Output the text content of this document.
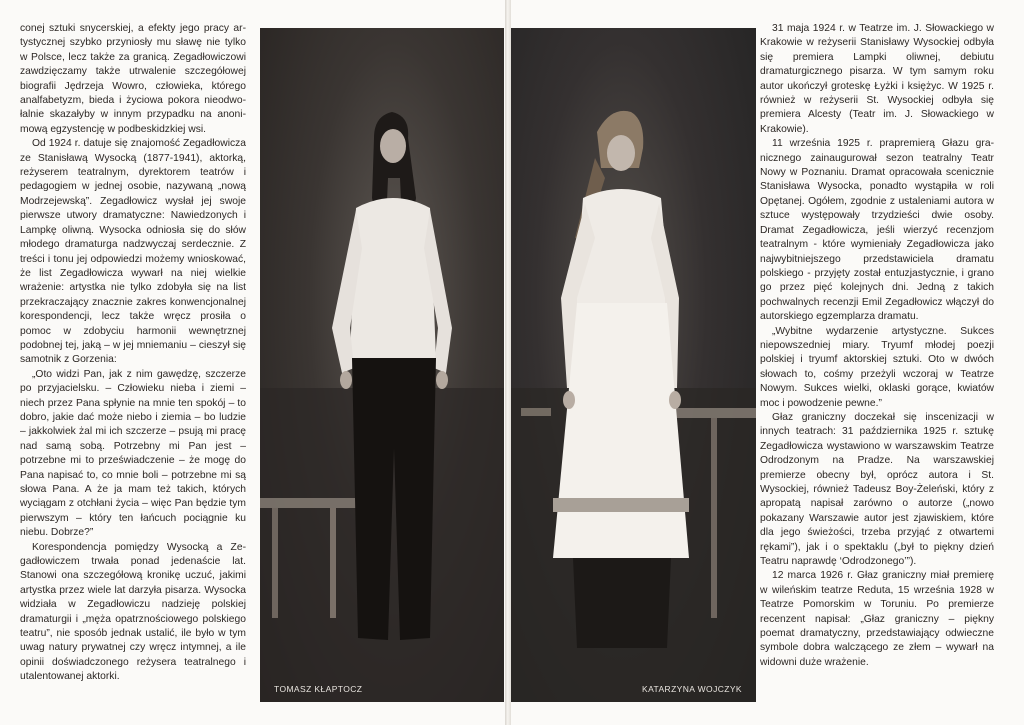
conej sztuki snycerskiej, a efekty jego pracy artystycznej szybko przyniosły mu sławę nie tylko w Polsce, lecz także za granicą. Zegadłowiczowi zawdzięczamy także utrwalenie szczegółowej biografii Jędrzeja Wowro, człowieka, którego analfabetyzm, bieda i życiowa pokora nieodwołalnie skazałyby w innym przypadku na anonimową egzystencję w podbeskidzkiej wsi.

Od 1924 r. datuje się znajomość Zegadłowicza ze Stanisławą Wysocką (1877-1941), aktorką, reżyserem teatralnym, dyrektorem teatrów i pedagogiem w jednej osobie, nazywaną „nową Modrzejewską”. Zegadłowicz wysłał jej swoje pierwsze utwory dramatyczne: Nawiedzonych i Lampkę oliwną. Wysocka odniosła się do słów młodego dramaturga nadzwyczaj serdecznie. Z treści i tonu jej odpowiedzi możemy wnioskować, że list Zegadłowicza wywarł na niej wielkie wrażenie: artystka nie tylko zdobyła się na list przekraczający znacznie zakres konwencjonalnej korespondencji, lecz także wręcz prosiła o pomoc w zdobyciu harmonii wewnętrznej podobnej tej, jaką – w jej mniemaniu – cieszył się samotnik z Gorzenia:

„Oto widzi Pan, jak z nim gawędzę, szczerze po przyjacielsku. – Człowieku nieba i ziemi – niech przez Pana spłynie na mnie ten spokój – to dobro, jakie dać może niebo i ziemia – bo ludzie – jakkolwiek żal mi ich szczerze – psują mi pracę nad samą sobą. Potrzebny mi Pan jest – potrzebne mi to przeświadczenie – że mogę do Pana napisać to, co mnie boli – potrzebne mi są słowa Pana. A że ja mam też takich, których wyciągam z otchłani życia – więc Pan będzie tym pierwszym – który ten łańcuch pociągnie ku niebu. Dobrze?”

Korespondencja pomiędzy Wysocką a Zegadłowiczem trwała ponad jedenaście lat. Stanowi ona szczegółową kronikę uczuć, jakimi artystka przez wiele lat darzyła pisarza. Wysocka widziała w Zegadłowiczu nadzieję polskiej dramaturgii i „męża opatrznościowego polskiego teatru”, nie sposób jednak ustalić, ile było w tym uwag natury prywatnej czy wręcz intymnej, a ile opinii doświadczonego reżysera teatralnego i utalentowanej aktorki.

TOMASZ KŁAPTOCZ	KATARZYNA WOJCZYK

31 maja 1924 r. w Teatrze im. J. Słowackiego w Krakowie w reżyserii Stanisławy Wysockiej odbyła się premiera Lampki oliwnej, debiutu dramaturgicznego pisarza. W tym samym roku autor ukończył groteskę Łyżki i księżyc. W 1925 r. również w reżyserii St. Wysockiej odbyła się premiera Alcesty (Teatr im. J. Słowackiego w Krakowie).

11 września 1925 r. prapremierą Głazu granicznego zainaugurował sezon teatralny Teatr Nowy w Poznaniu. Dramat opracowała scenicznie Stanisława Wysocka, ponadto wystąpiła w roli Opętanej. Ogółem, zgodnie z ustaleniami autora w sztuce występowały trzydzieści dwie osoby. Dramat Zegadłowicza, jeśli wierzyć recenzjom teatralnym - które wymieniały Zegadłowicza jako najwybitniejszego przedstawiciela dramatu polskiego - przyjęty został entuzjastycznie, i grano go przez pięć kolejnych dni. Jedną z takich pochwalnych recenzji Emil Zegadłowicz włączył do autorskiego egzemplarza dramatu.

„Wybitne wydarzenie artystyczne. Sukces niepowszedniej miary. Tryumf młodej poezji polskiej i tryumf aktorskiej sztuki. Oto w dwóch słowach to, cośmy przeżyli wczoraj w Teatrze Nowym. Sukces wielki, oklaski gorące, kwiatów moc i powodzenie pewne.”

Głaz graniczny doczekał się inscenizacji w innych teatrach: 31 października 1925 r. sztukę Zegadłowicza wystawiono w warszawskim Teatrze Odrodzonym na Pradze. Na warszawskiej premierze obecny był, oprócz autora i St. Wysockiej, również Tadeusz Boy-Żeleński, który z apropatą napisał zarówno o autorze („nowo pokazany Warszawie autor jest zjawiskiem, które dla jego świeżości, trzeba przyjąć z otwartemi rękami”), jak i o spektaklu („był to piękny dzień Teatru naprawdę ‘Odrodzonego’”).

12 marca 1926 r. Głaz graniczny miał premierę w wileńskim teatrze Reduta, 15 września 1928 w Teatrze Pomorskim w Toruniu. Po premierze recenzent napisał: „Głaz graniczny – piękny poemat dramatyczny, przedstawiający odwieczne symbole dobra walczącego ze złem – wywarł na widowni duże wrażenie.
